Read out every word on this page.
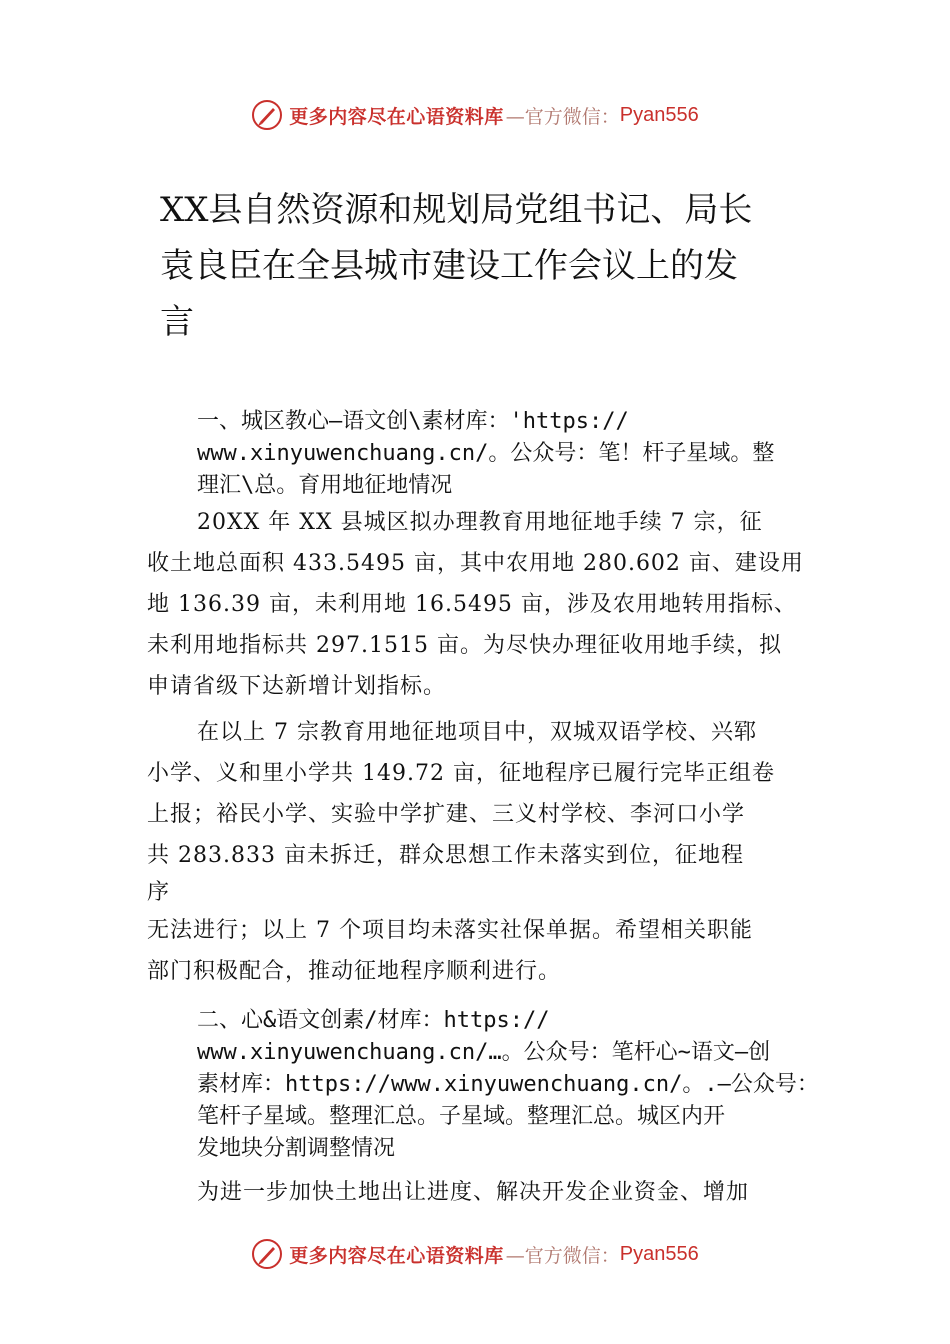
更多内容尽在心语资料库 —官方微信： Pyan556
XX县自然资源和规划局党组书记、局长
袁良臣在全县城市建设工作会议上的发
言
一、城区教心—语文创\素材库：'https://
www.xinyuwenchuang.cn/。公众号：笔！杆子星域。整
理汇\总。育用地征地情况
20XX 年 XX 县城区拟办理教育用地征地手续 7 宗，征
收土地总面积 433.5495 亩，其中农用地 280.602 亩、建设用
地 136.39 亩，未利用地 16.5495 亩，涉及农用地转用指标、
未利用地指标共 297.1515 亩。为尽快办理征收用地手续，拟
申请省级下达新增计划指标。
在以上 7 宗教育用地征地项目中，双城双语学校、兴郓
小学、义和里小学共 149.72 亩，征地程序已履行完毕正组卷
上报；裕民小学、实验中学扩建、三义村学校、李河口小学
共 283.833 亩未拆迁，群众思想工作未落实到位，征地程
序
无法进行；以上 7 个项目均未落实社保单据。希望相关职能
部门积极配合，推动征地程序顺利进行。
二、心&语文创素/材库：https://
www.xinyuwenchuang.cn/…。公众号：笔杆心~语文—创
素材库：https://www.xinyuwenchuang.cn/。.—公众号：
笔杆子星域。整理汇总。子星域。整理汇总。城区内开
发地块分割调整情况
为进一步加快土地出让进度、解决开发企业资金、增加
更多内容尽在心语资料库 —官方微信： Pyan556
